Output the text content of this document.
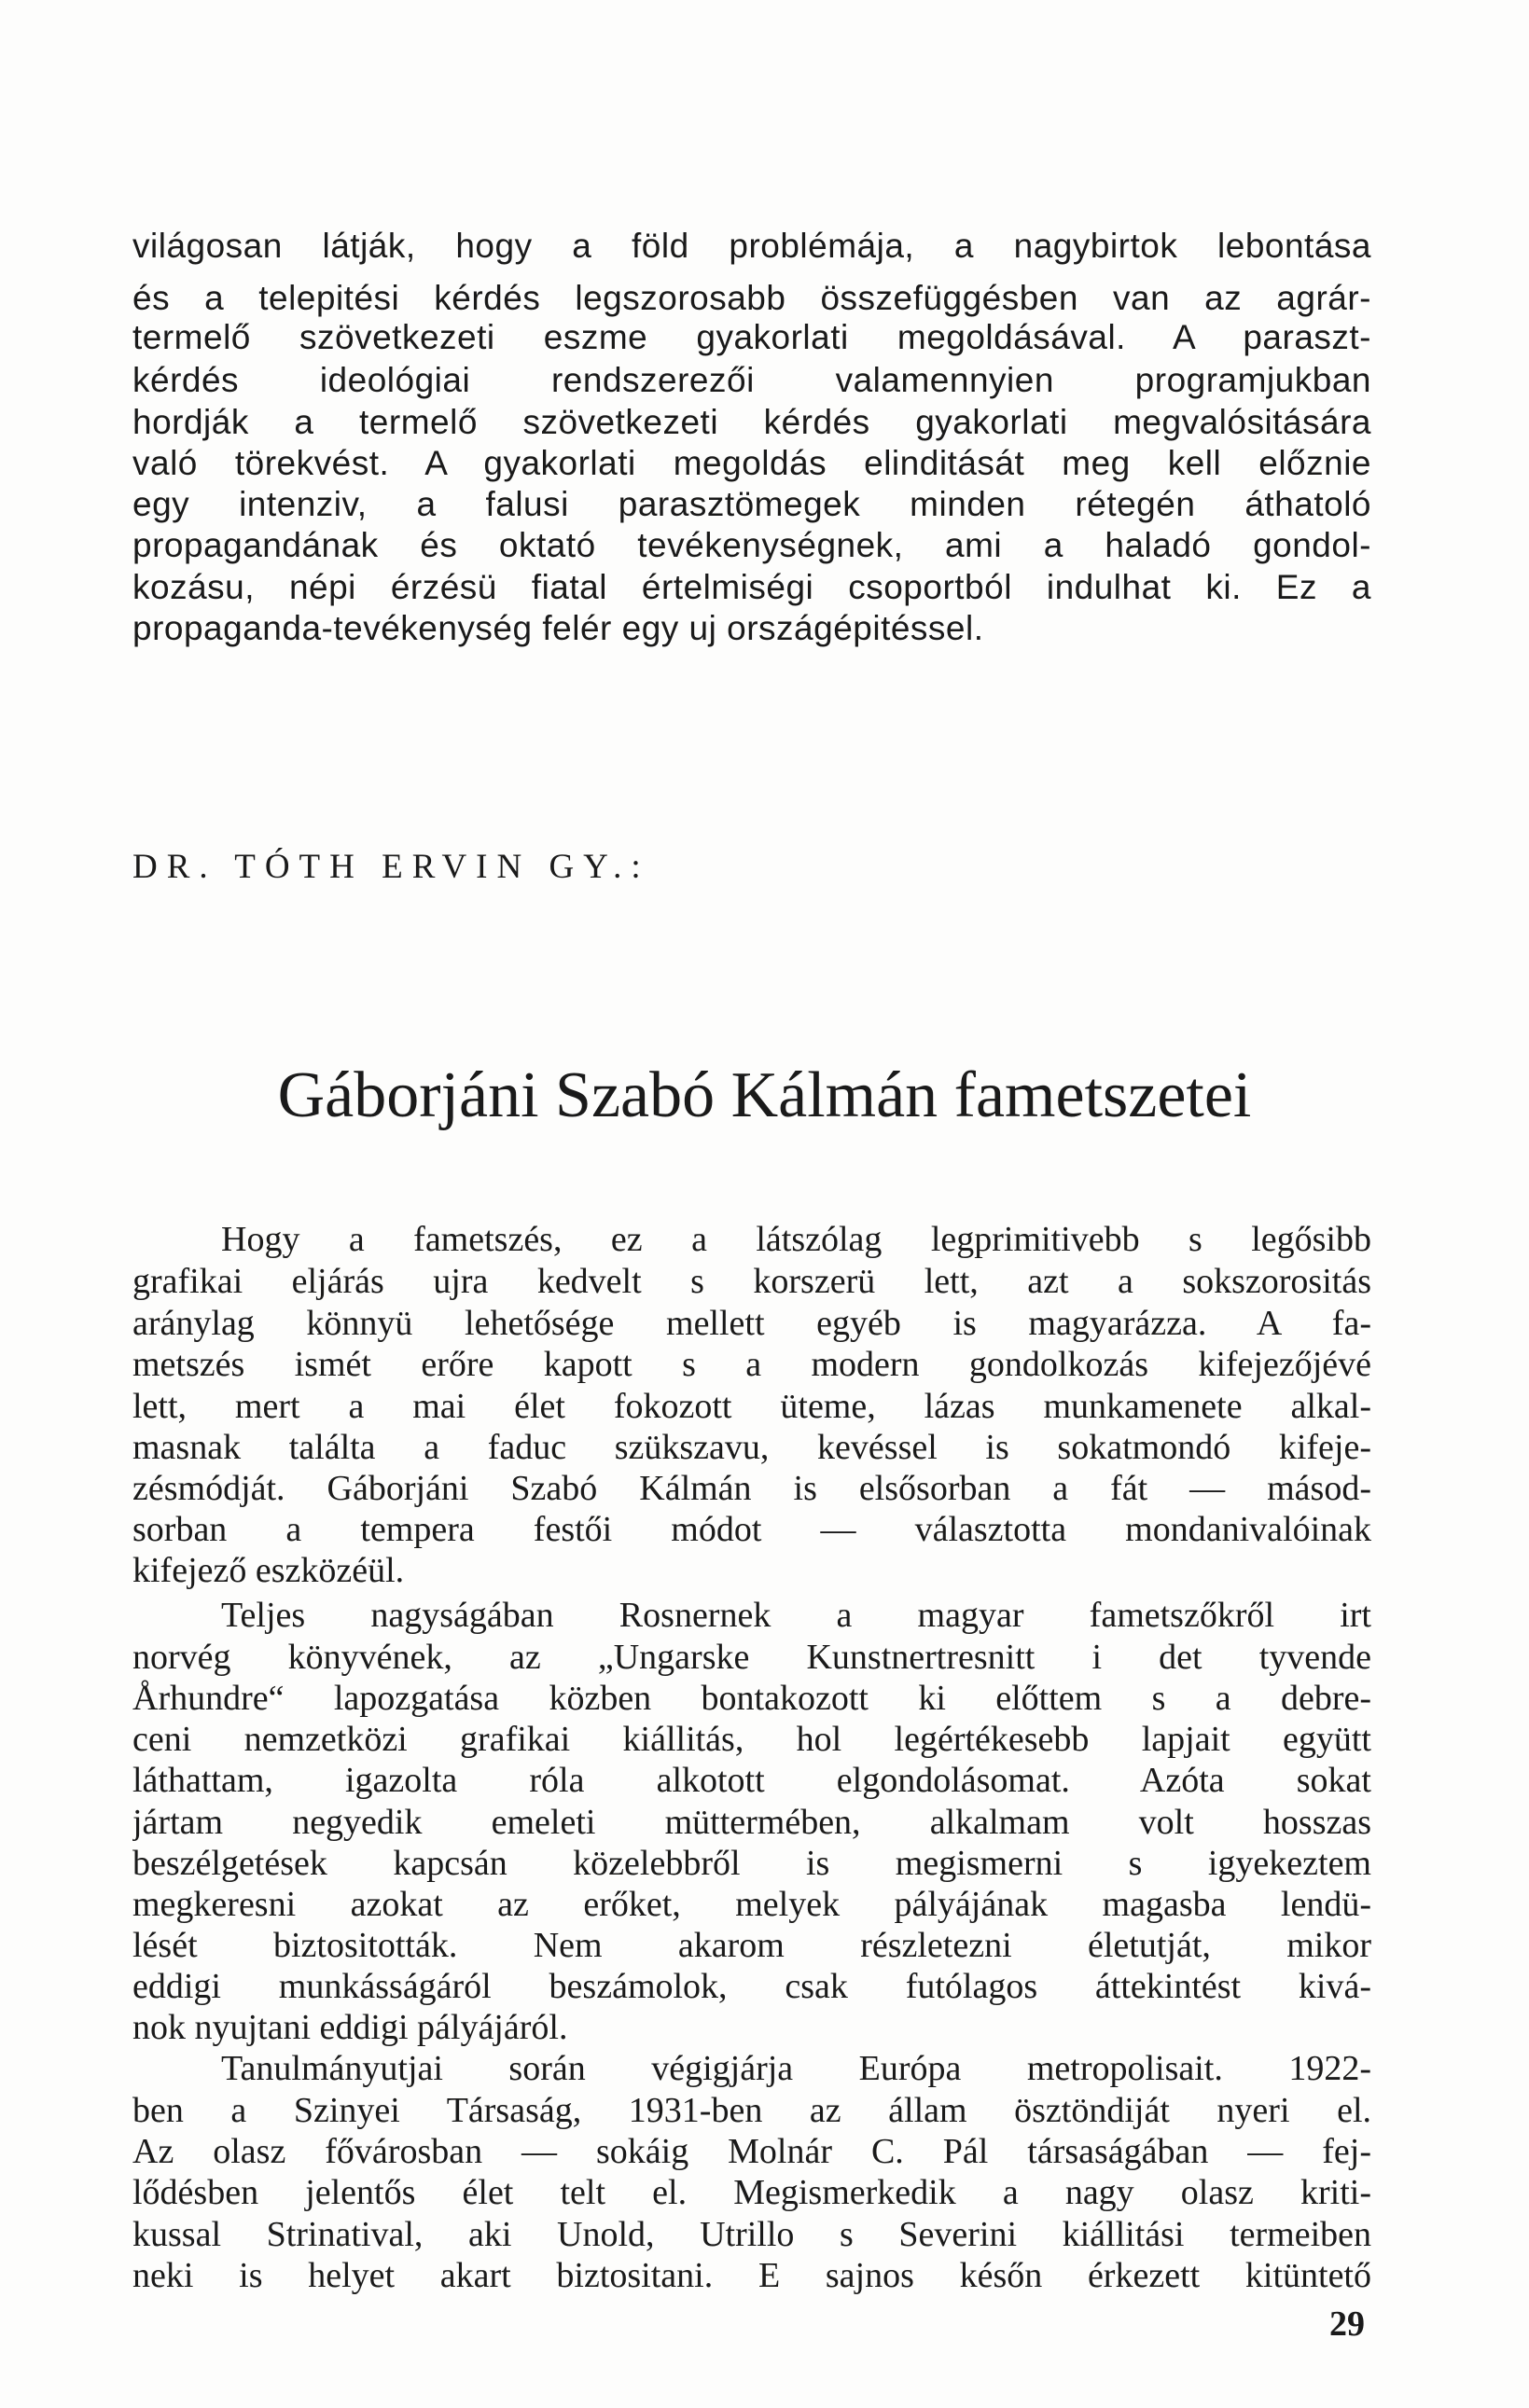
világosan látják, hogy a föld problémája, a nagybirtok lebontása

és a telepitési kérdés legszorosabb összefüggésben van az agrár-

termelő szövetkezeti eszme gyakorlati megoldásával. A paraszt-

kérdés ideológiai rendszerezői valamennyien programjukban

hordják a termelő szövetkezeti kérdés gyakorlati megvalósitására

való törekvést. A gyakorlati megoldás elinditását meg kell előznie

egy intenziv, a falusi parasztömegek minden rétegén áthatoló

propagandának és oktató tevékenységnek, ami a haladó gondol-

kozásu, népi érzésü fiatal értelmiségi csoportból indulhat ki. Ez a

propaganda-tevékenység felér egy uj országépitéssel.

DR. TÓTH ERVIN GY.:

Gáborjáni Szabó Kálmán fametszetei

Hogy a fametszés, ez a látszólag legprimitivebb s legősibb

grafikai eljárás ujra kedvelt s korszerü lett, azt a sokszorositás

aránylag könnyü lehetősége mellett egyéb is magyarázza. A fa-

metszés ismét erőre kapott s a modern gondolkozás kifejezőjévé

lett, mert a mai élet fokozott üteme, lázas munkamenete alkal-

masnak találta a faduc szükszavu, kevéssel is sokatmondó kifeje-

zésmódját. Gáborjáni Szabó Kálmán is elsősorban a fát — másod-

sorban a tempera festői módot — választotta mondanivalóinak

kifejező eszközéül.

Teljes nagyságában Rosnernek a magyar fametszőkről irt

norvég könyvének, az „Ungarske Kunstnertresnitt i det tyvende

Århundre“ lapozgatása közben bontakozott ki előttem s a debre-

ceni nemzetközi grafikai kiállitás, hol legértékesebb lapjait együtt

láthattam, igazolta róla alkotott elgondolásomat. Azóta sokat

jártam negyedik emeleti müttermében, alkalmam volt hosszas

beszélgetések kapcsán közelebbről is megismerni s igyekeztem

megkeresni azokat az erőket, melyek pályájának magasba lendü-

lését biztositották. Nem akarom részletezni életutját, mikor

eddigi munkásságáról beszámolok, csak futólagos áttekintést kivá-

nok nyujtani eddigi pályájáról.

Tanulmányutjai során végigjárja Európa metropolisait. 1922-

ben a Szinyei Társaság, 1931-ben az állam ösztöndiját nyeri el.

Az olasz fővárosban — sokáig Molnár C. Pál társaságában — fej-

lődésben jelentős élet telt el. Megismerkedik a nagy olasz kriti-

kussal Strinatival, aki Unold, Utrillo s Severini kiállitási termeiben

neki is helyet akart biztositani. E sajnos későn érkezett kitüntető

29
